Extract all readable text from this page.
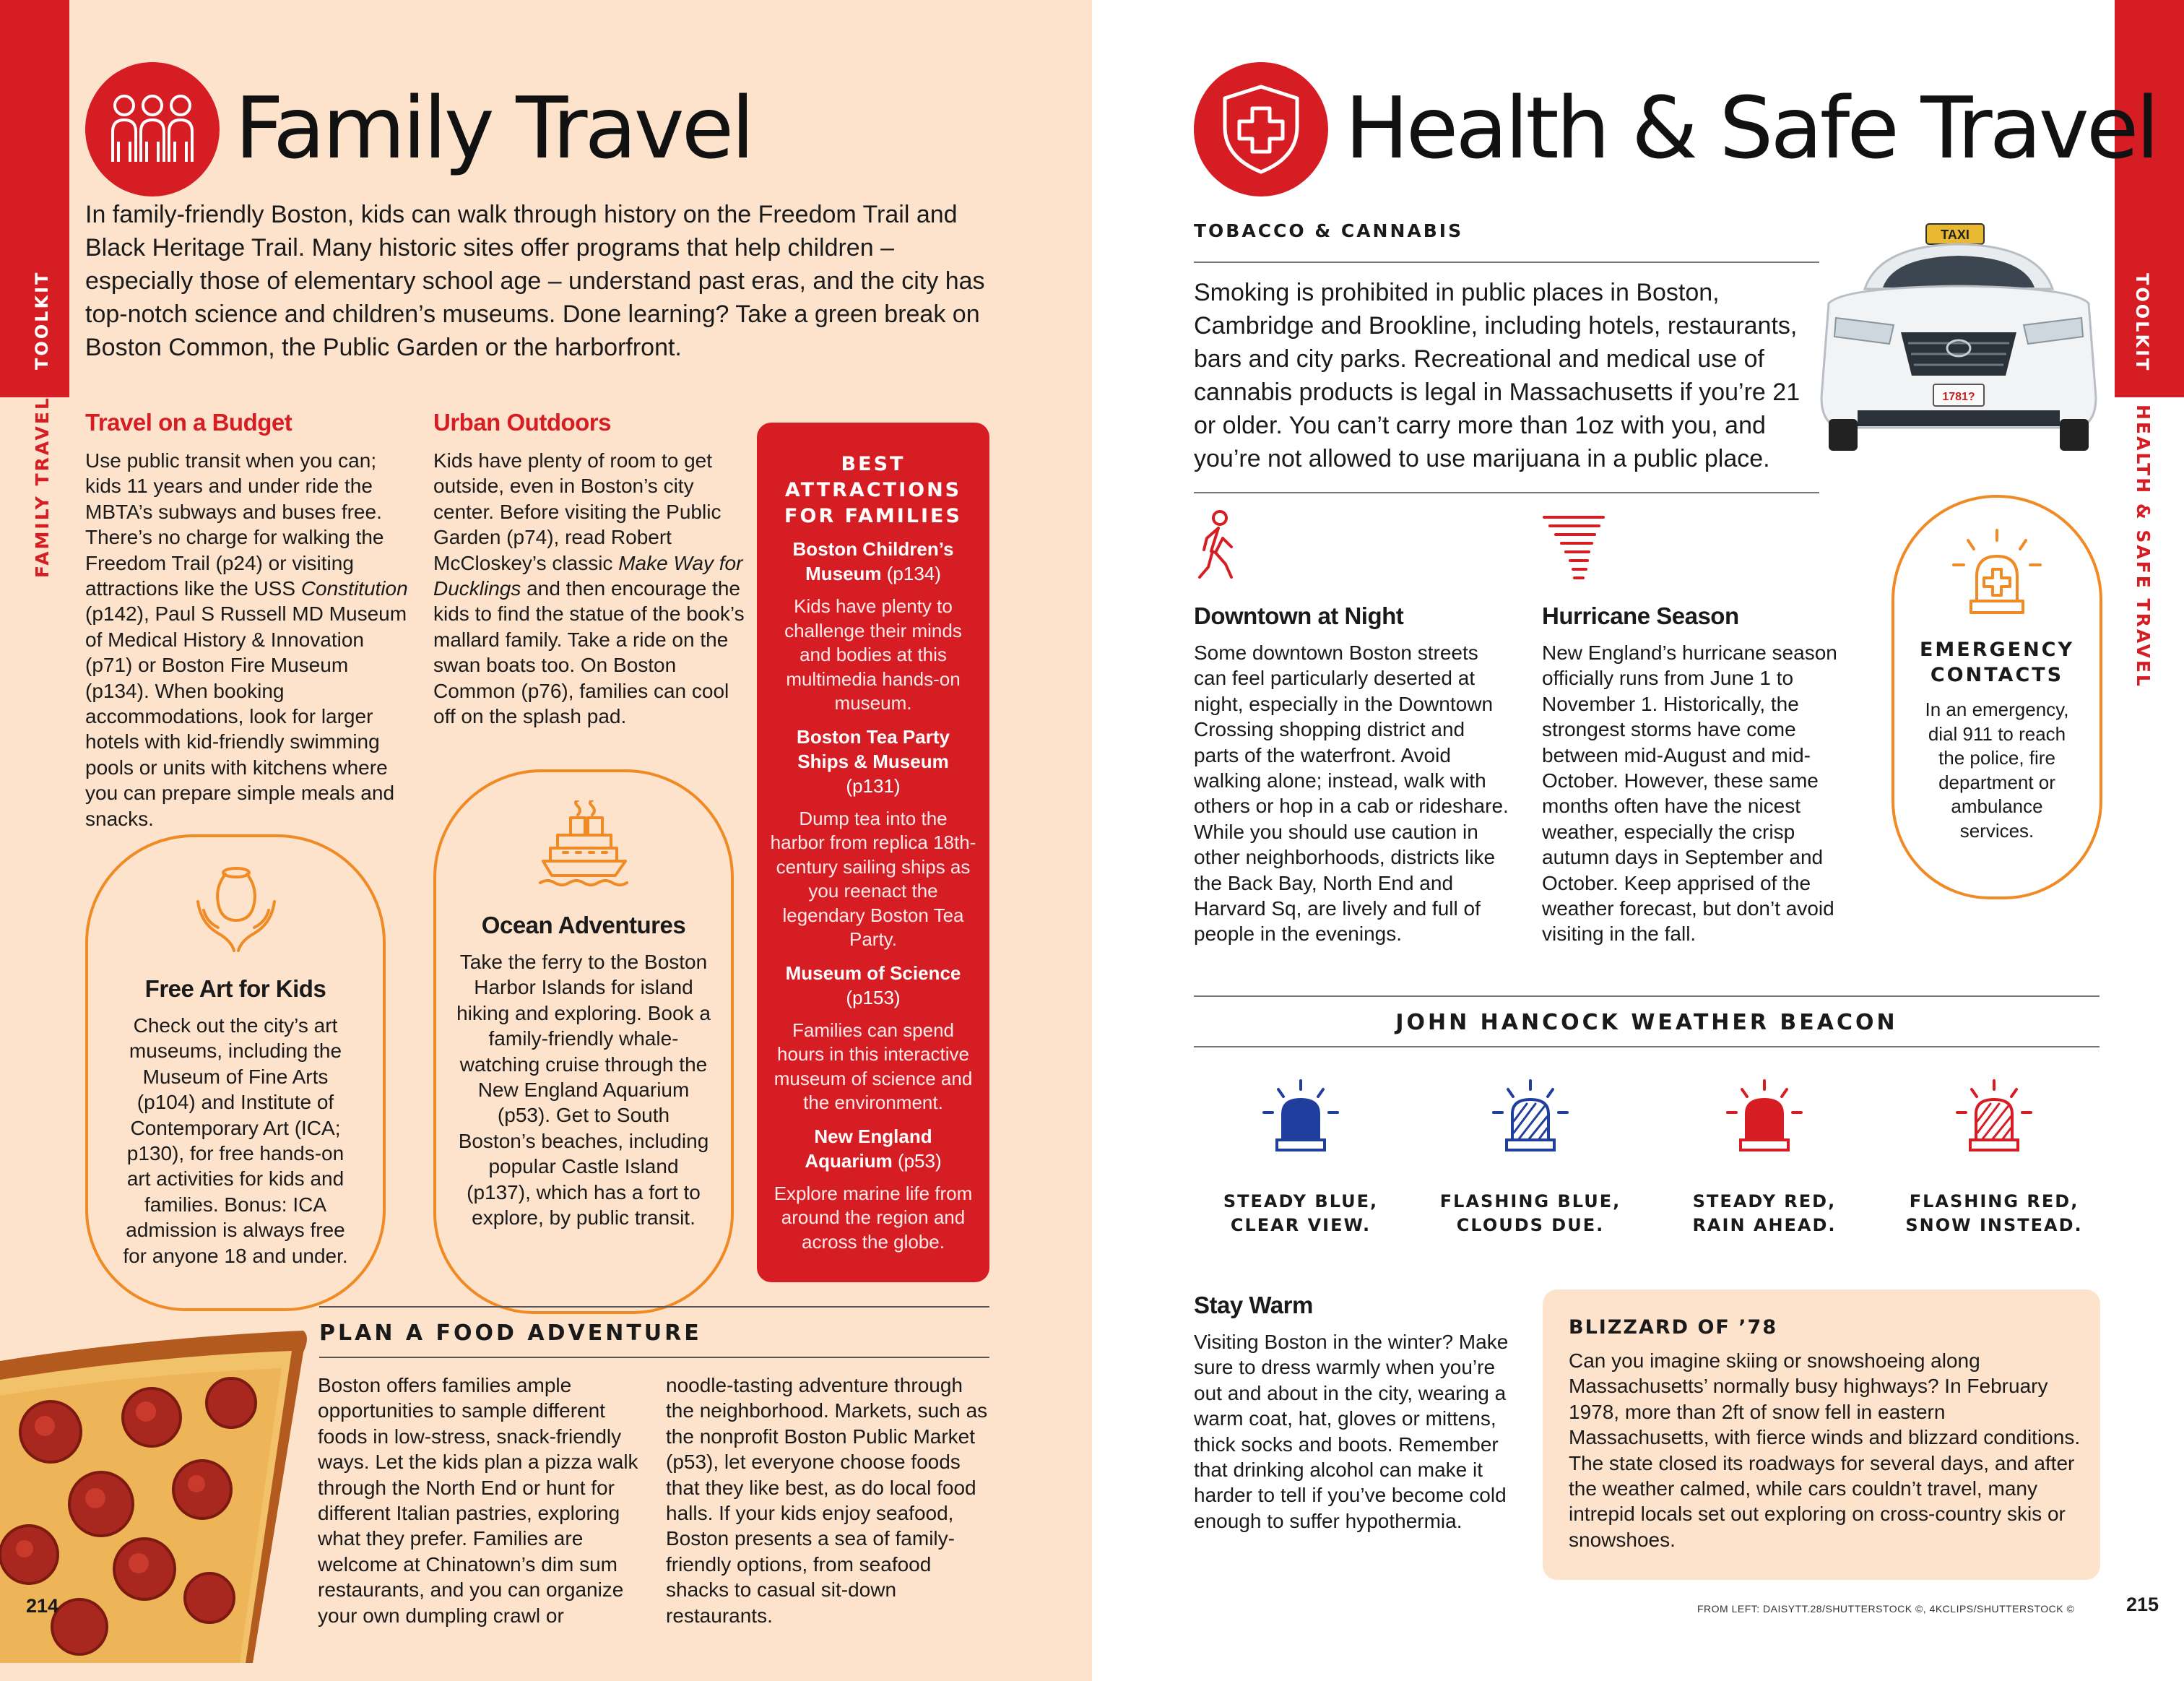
TOOLKIT
FAMILY TRAVEL
Family Travel
In family-friendly Boston, kids can walk through history on the Freedom Trail and Black Heritage Trail. Many historic sites offer programs that help children – especially those of elementary school age – understand past eras, and the city has top-notch science and children’s museums. Done learning? Take a green break on Boston Common, the Public Garden or the harborfront.
Travel on a Budget
Use public transit when you can; kids 11 years and under ride the MBTA’s subways and buses free. There’s no charge for walking the Freedom Trail (p24) or visiting attractions like the USS Constitution (p142), Paul S Russell MD Museum of Medical History & Innovation (p71) or Boston Fire Museum (p134). When booking accommodations, look for larger hotels with kid-friendly swimming pools or units with kitchens where you can prepare simple meals and snacks.
Urban Outdoors
Kids have plenty of room to get outside, even in Boston’s city center. Before visiting the Public Garden (p74), read Robert McCloskey’s classic Make Way for Ducklings and then encourage the kids to find the statue of the book’s mallard family. Take a ride on the swan boats too. On Boston Common (p76), families can cool off on the splash pad.
Free Art for Kids
Check out the city’s art museums, including the Museum of Fine Arts (p104) and Institute of Contemporary Art (ICA; p130), for free hands-on art activities for kids and families. Bonus: ICA admission is always free for anyone 18 and under.
Ocean Adventures
Take the ferry to the Boston Harbor Islands for island hiking and exploring. Book a family-friendly whale-watching cruise through the New England Aquarium (p53). Get to South Boston’s beaches, including popular Castle Island (p137), which has a fort to explore, by public transit.
BEST ATTRACTIONS FOR FAMILIES
Boston Children’s Museum (p134)
Kids have plenty to challenge their minds and bodies at this multimedia hands-on museum.
Boston Tea Party Ships & Museum (p131)
Dump tea into the harbor from replica 18th-century sailing ships as you reenact the legendary Boston Tea Party.
Museum of Science (p153)
Families can spend hours in this interactive museum of science and the environment.
New England Aquarium (p53)
Explore marine life from around the region and across the globe.
PLAN A FOOD ADVENTURE
Boston offers families ample opportunities to sample different foods in low-stress, snack-friendly ways. Let the kids plan a pizza walk through the North End or hunt for different Italian pastries, exploring what they prefer. Families are welcome at Chinatown’s dim sum restaurants, and you can organize your own dumpling crawl or
noodle-tasting adventure through the neighborhood. Markets, such as the nonprofit Boston Public Market (p53), let everyone choose foods that they like best, as do local food halls. If your kids enjoy seafood, Boston presents a sea of family-friendly options, from seafood shacks to casual sit-down restaurants.
214
TOOLKIT
HEALTH & SAFE TRAVEL
Health & Safe Travel
TOBACCO & CANNABIS
Smoking is prohibited in public places in Boston, Cambridge and Brookline, including hotels, restaurants, bars and city parks. Recreational and medical use of cannabis products is legal in Massachusetts if you’re 21 or older. You can’t carry more than 1oz with you, and you’re not allowed to use marijuana in a public place.
TAXI
1781?
Downtown at Night
Some downtown Boston streets can feel particularly deserted at night, especially in the Downtown Crossing shopping district and parts of the waterfront. Avoid walking alone; instead, walk with others or hop in a cab or rideshare. While you should use caution in other neighborhoods, districts like the Back Bay, North End and Harvard Sq, are lively and full of people in the evenings.
Hurricane Season
New England’s hurricane season officially runs from June 1 to November 1. Historically, the strongest storms have come between mid-August and mid-October. However, these same months often have the nicest weather, especially the crisp autumn days in September and October. Keep apprised of the weather forecast, but don’t avoid visiting in the fall.
EMERGENCY CONTACTS
In an emergency, dial 911 to reach the police, fire department or ambulance services.
JOHN HANCOCK WEATHER BEACON
STEADY BLUE,
CLEAR VIEW.
FLASHING BLUE,
CLOUDS DUE.
STEADY RED,
RAIN AHEAD.
FLASHING RED,
SNOW INSTEAD.
Stay Warm
Visiting Boston in the winter? Make sure to dress warmly when you’re out and about in the city, wearing a warm coat, hat, gloves or mittens, thick socks and boots. Remember that drinking alcohol can make it harder to tell if you’ve become cold enough to suffer hypothermia.
BLIZZARD OF ’78
Can you imagine skiing or snowshoeing along Massachusetts’ normally busy highways? In February 1978, more than 2ft of snow fell in eastern Massachusetts, with fierce winds and blizzard conditions. The state closed its roadways for several days, and after the weather calmed, while cars couldn’t travel, many intrepid locals set out exploring on cross-country skis or snowshoes.
FROM LEFT: DAISYTT.28/SHUTTERSTOCK ©, 4KCLIPS/SHUTTERSTOCK ©	215
